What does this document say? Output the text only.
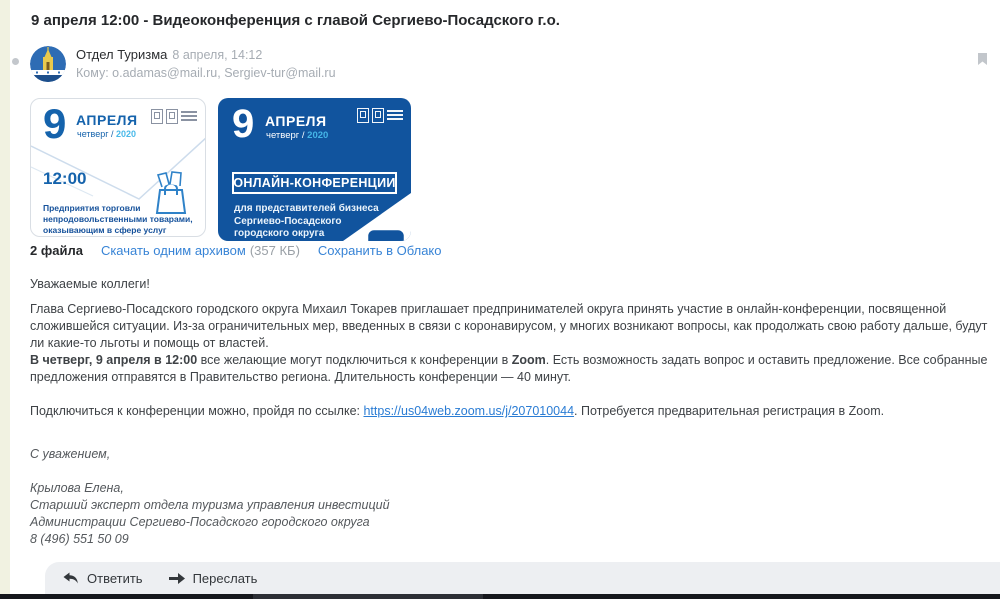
9 апреля 12:00 - Видеоконференция с главой Сергиево-Посадского г.о.
Отдел Туризма 8 апреля, 14:12
Кому: o.adamas@mail.ru, Sergiev-tur@mail.ru
9 АПРЕЛЯ
четверг / 2020
12:00
Предприятия торговли
непродовольственными товарами,
оказывающим в сфере услуг
9 АПРЕЛЯ
четверг / 2020
ОНЛАЙН-КОНФЕРЕНЦИИ
для представителей бизнеса
Сергиево-Посадского
городского округа
2 файла Скачать одним архивом (357 КБ) Сохранить в Облако
Уважаемые коллеги!
Глава Сергиево-Посадского городского округа Михаил Токарев приглашает предпринимателей округа принять участие в онлайн-конференции, посвященной сложившейся ситуации. Из-за ограничительных мер, введенных в связи с коронавирусом, у многих возникают вопросы, как продолжать свою работу дальше, будут ли какие-то льготы и помощь от властей.
В четверг, 9 апреля в 12:00 все желающие могут подключиться к конференции в Zoom. Есть возможность задать вопрос и оставить предложение. Все собранные предложения отправятся в Правительство региона. Длительность конференции — 40 минут.
Подключиться к конференции можно, пройдя по ссылке: https://us04web.zoom.us/j/207010044. Потребуется предварительная регистрация в Zoom.
С уважением,
Крылова Елена,
Старший эксперт отдела туризма управления инвестиций
Администрации Сергиево-Посадского городского округа
8 (496) 551 50 09
Ответить	Переслать
